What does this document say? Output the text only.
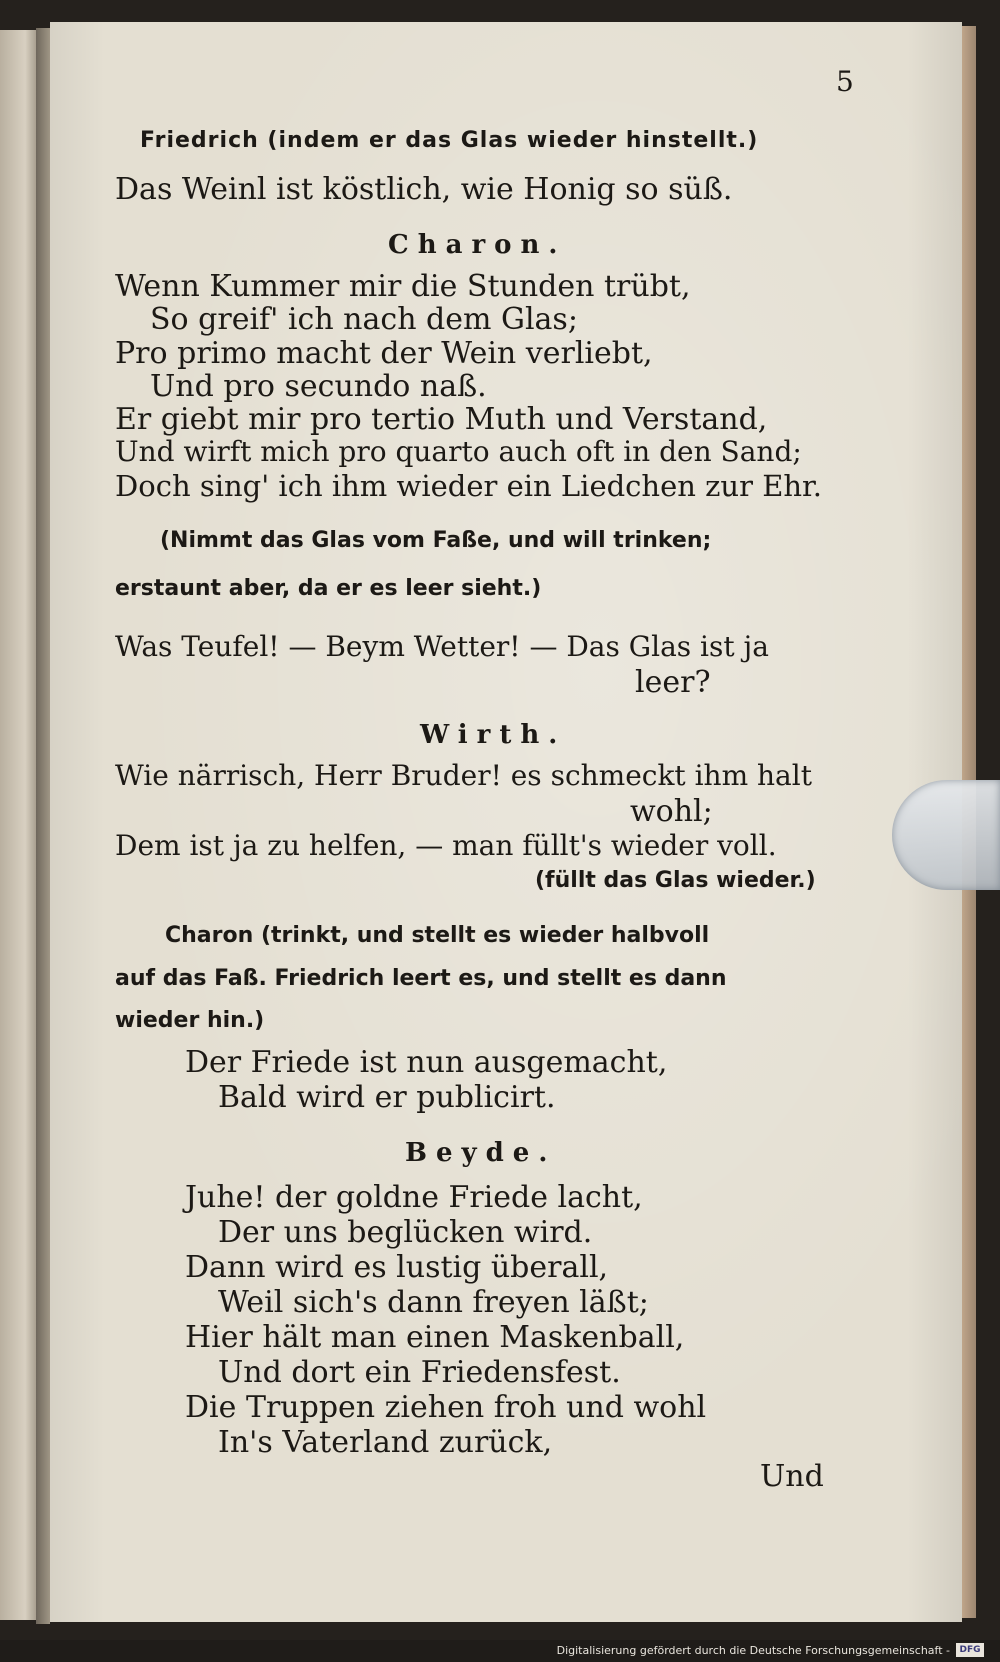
5

Friedrich (indem er das Glas wieder hinstellt.)

Das Weinl ist köstlich, wie Honig so süß.

Charon.

Wenn Kummer mir die Stunden trübt,

So greif' ich nach dem Glas;

Pro primo macht der Wein verliebt,

Und pro secundo naß.

Er giebt mir pro tertio Muth und Verstand,

Und wirft mich pro quarto auch oft in den Sand;

Doch sing' ich ihm wieder ein Liedchen zur Ehr.

(Nimmt das Glas vom Faße, und will trinken;

erstaunt aber, da er es leer sieht.)

Was Teufel! — Beym Wetter! — Das Glas ist ja

leer?

Wirth.

Wie närrisch, Herr Bruder! es schmeckt ihm halt

wohl;

Dem ist ja zu helfen, — man füllt's wieder voll.

(füllt das Glas wieder.)

Charon (trinkt, und stellt es wieder halbvoll

auf das Faß. Friedrich leert es, und stellt es dann

wieder hin.)

Der Friede ist nun ausgemacht,

Bald wird er publicirt.

Beyde.

Juhe! der goldne Friede lacht,

Der uns beglücken wird.

Dann wird es lustig überall,

Weil sich's dann freyen läßt;

Hier hält man einen Maskenball,

Und dort ein Friedensfest.

Die Truppen ziehen froh und wohl

In's Vaterland zurück,

Und

Digitalisierung gefördert durch die Deutsche Forschungsgemeinschaft -	DFG
